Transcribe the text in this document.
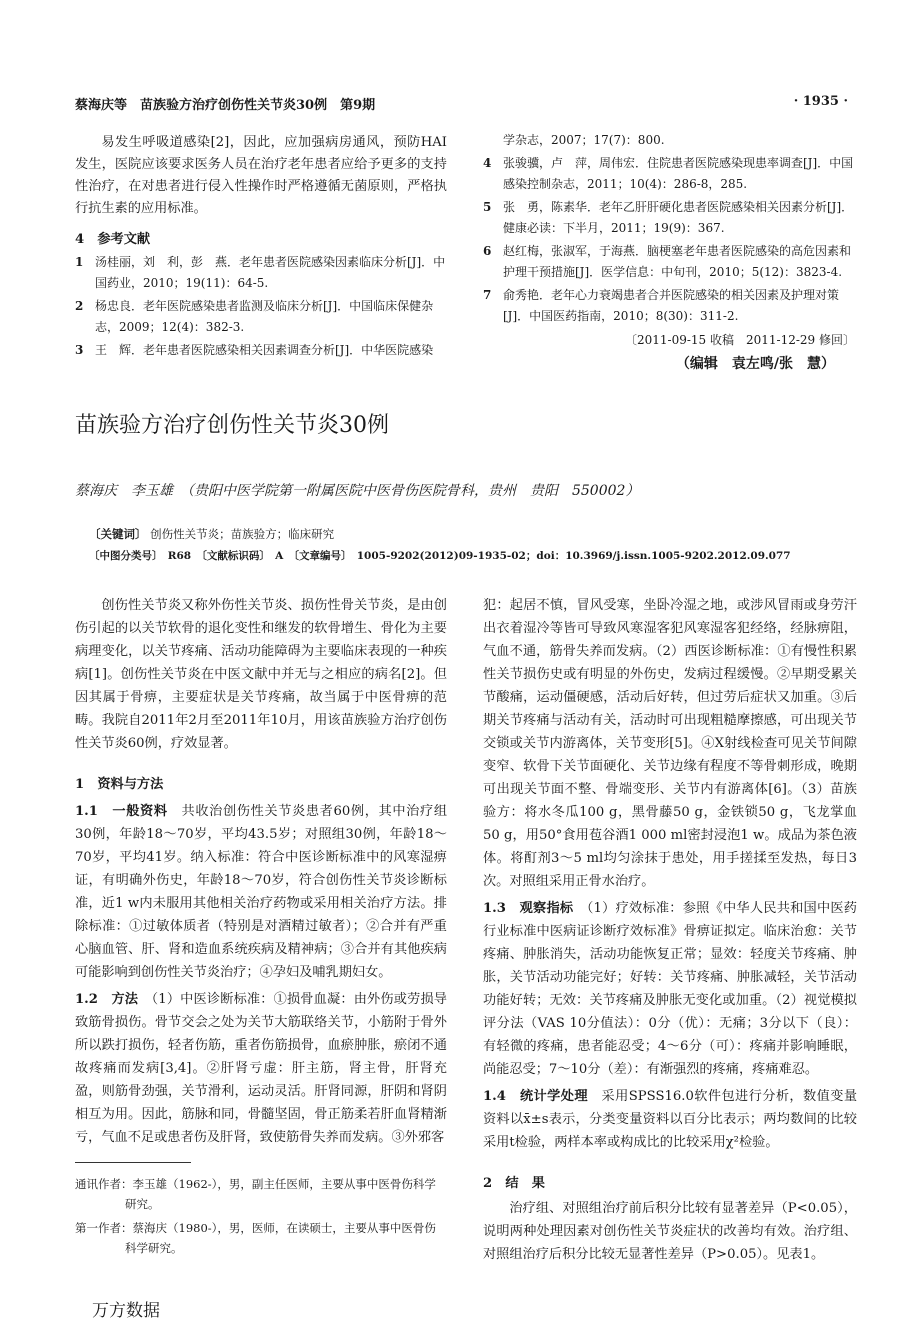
蔡海庆等　苗族验方治疗创伤性关节炎30例　第9期	· 1935 ·
易发生呼吸道感染[2]，因此，应加强病房通风，预防HAI发生，医院应该要求医务人员在治疗老年患者应给予更多的支持性治疗，在对患者进行侵入性操作时严格遵循无菌原则，严格执行抗生素的应用标准。
4　参考文献
1 汤桂丽，刘　利，彭　燕．老年患者医院感染因素临床分析[J]．中国药业，2010；19(11)：64-5.
2 杨忠良．老年医院感染患者监测及临床分析[J]．中国临床保健杂志，2009；12(4)：382-3.
3 王　辉．老年患者医院感染相关因素调查分析[J]．中华医院感染
学杂志，2007；17(7)：800.
4 张骏骥，卢　萍，周伟宏．住院患者医院感染现患率调查[J]．中国感染控制杂志，2011；10(4)：286-8，285.
5 张　勇，陈素华．老年乙肝肝硬化患者医院感染相关因素分析[J]．健康必读：下半月，2011；19(9)：367.
6 赵红梅，张淑军，于海燕．脑梗塞老年患者医院感染的高危因素和护理干预措施[J]．医学信息：中旬刊，2010；5(12)：3823-4.
7 俞秀艳．老年心力衰竭患者合并医院感染的相关因素及护理对策[J]．中国医药指南，2010；8(30)：311-2.
〔2011-09-15 收稿　2011-12-29 修回〕
（编辑　袁左鸣/张　慧）
苗族验方治疗创伤性关节炎30例
蔡海庆　李玉雄　（贵阳中医学院第一附属医院中医骨伤医院骨科，贵州　贵阳　550002）
〔关键词〕 创伤性关节炎；苗族验方；临床研究
〔中图分类号〕　R68　〔文献标识码〕　A　〔文章编号〕　1005-9202(2012)09-1935-02；doi：10.3969/j.issn.1005-9202.2012.09.077

创伤性关节炎又称外伤性关节炎、损伤性骨关节炎，是由创伤引起的以关节软骨的退化变性和继发的软骨增生、骨化为主要病理变化，以关节疼痛、活动功能障碍为主要临床表现的一种疾病[1]。创伤性关节炎在中医文献中并无与之相应的病名[2]。但因其属于骨痹，主要症状是关节疼痛，故当属于中医骨痹的范畴。我院自2011年2月至2011年10月，用该苗族验方治疗创伤性关节炎60例，疗效显著。

1　资料与方法

1.1　一般资料　 共收治创伤性关节炎患者60例，其中治疗组30例，年龄18～70岁，平均43.5岁；对照组30例，年龄18～70岁，平均41岁。纳入标准：符合中医诊断标准中的风寒湿痹证，有明确外伤史，年龄18～70岁，符合创伤性关节炎诊断标准，近1 w内未服用其他相关治疗药物或采用相关治疗方法。排除标准：①过敏体质者（特别是对酒精过敏者）；②合并有严重心脑血管、肝、肾和造血系统疾病及精神病；③合并有其他疾病可能影响到创伤性关节炎治疗；④孕妇及哺乳期妇女。

1.2　方法　 （1）中医诊断标准：①损骨血凝：由外伤或劳损导致筋骨损伤。骨节交会之处为关节大筋联络关节，小筋附于骨外所以跌打损伤，轻者伤筋，重者伤筋损骨，血瘀肿胀，瘀闭不通故疼痛而发病[3,4]。②肝肾亏虚：肝主筋，肾主骨，肝肾充盈，则筋骨劲强，关节滑利，运动灵活。肝肾同源，肝阴和肾阴相互为用。因此，筋脉和同，骨髓坚固，骨正筋柔若肝血肾精渐亏，气血不足或患者伤及肝肾，致使筋骨失养而发病。③外邪客

通讯作者：李玉雄（1962-），男，副主任医师，主要从事中医骨伤科学研究。

第一作者：蔡海庆（1980-），男，医师，在读硕士，主要从事中医骨伤科学研究。

犯：起居不慎，冒风受寒，坐卧冷湿之地，或涉风冒雨或身劳汗出衣着湿冷等皆可导致风寒湿客犯风寒湿客犯经络，经脉痹阻，气血不通，筋骨失养而发病。（2）西医诊断标准：①有慢性积累性关节损伤史或有明显的外伤史，发病过程缓慢。②早期受累关节酸痛，运动僵硬感，活动后好转，但过劳后症状又加重。③后期关节疼痛与活动有关，活动时可出现粗糙摩擦感，可出现关节交锁或关节内游离体，关节变形[5]。④X射线检查可见关节间隙变窄、软骨下关节面硬化、关节边缘有程度不等骨刺形成，晚期可出现关节面不整、骨端变形、关节内有游离体[6]。（3）苗族验方：将水冬瓜100 g，黑骨藤50 g，金铁锁50 g，飞龙掌血50 g，用50°食用苞谷酒1 000 ml密封浸泡1 w。成品为茶色液体。将酊剂3～5 ml均匀涂抹于患处，用手搓揉至发热，每日3次。对照组采用正骨水治疗。

1.3　观察指标　 （1）疗效标准：参照《中华人民共和国中医药行业标准中医病证诊断疗效标准》骨痹证拟定。临床治愈：关节疼痛、肿胀消失，活动功能恢复正常；显效：轻度关节疼痛、肿胀，关节活动功能完好；好转：关节疼痛、肿胀减轻，关节活动功能好转；无效：关节疼痛及肿胀无变化或加重。（2）视觉模拟评分法（VAS 10分值法）：0分（优）：无痛；3分以下（良）：有轻微的疼痛，患者能忍受；4～6分（可）：疼痛并影响睡眠，尚能忍受；7～10分（差）：有渐强烈的疼痛，疼痛难忍。

1.4　统计学处理　 采用SPSS16.0软件包进行分析，数值变量资料以x̄±s表示，分类变量资料以百分比表示；两均数间的比较采用t检验，两样本率或构成比的比较采用χ²检验。

2　结　果

治疗组、对照组治疗前后积分比较有显著差异（P<0.05），说明两种处理因素对创伤性关节炎症状的改善均有效。治疗组、对照组治疗后积分比较无显著性差异（P>0.05）。见表1。

万方数据
